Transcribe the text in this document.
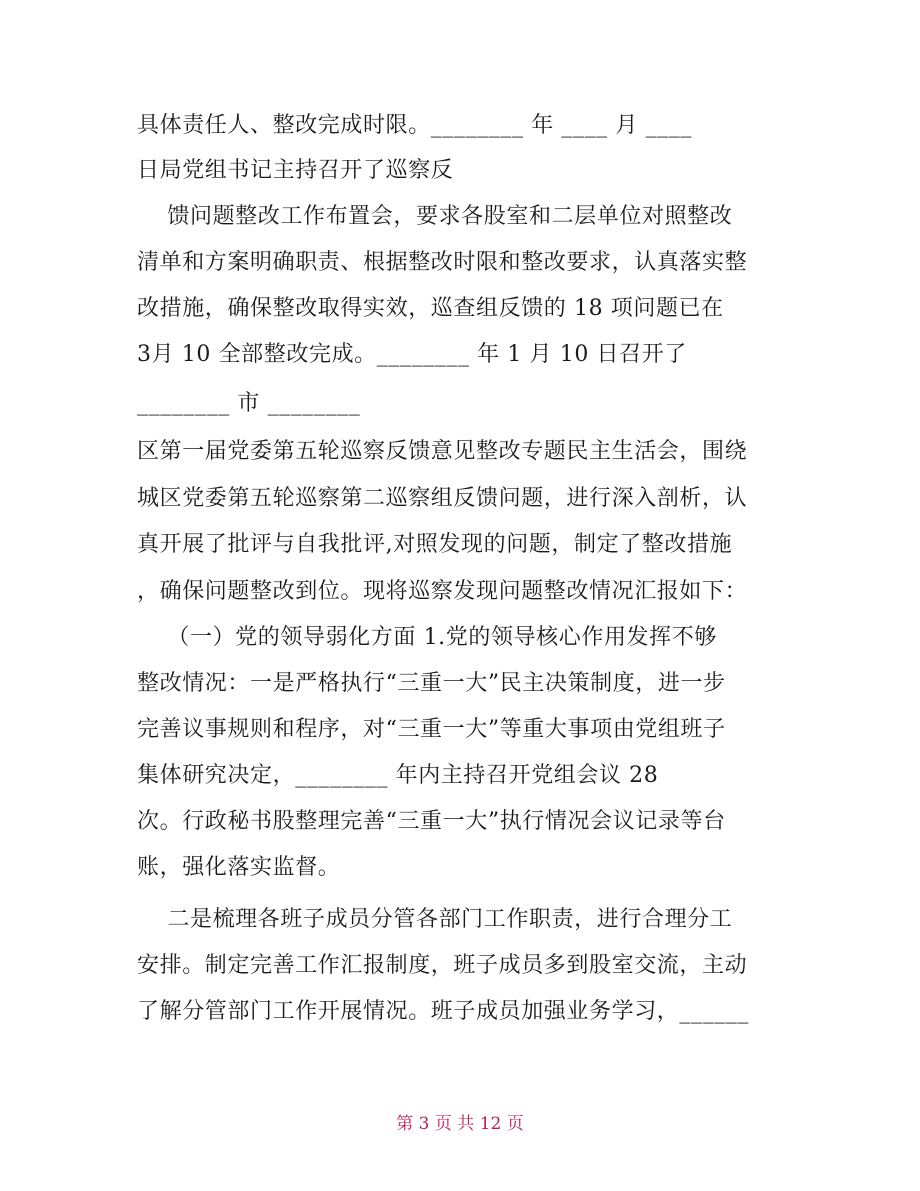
具体责任人、整改完成时限。________ 年 ____ 月 ____
日局党组书记主持召开了巡察反
馈问题整改工作布置会，要求各股室和二层单位对照整改
清单和方案明确职责、根据整改时限和整改要求，认真落实整
改措施，确保整改取得实效，巡查组反馈的 18 项问题已在
3月 10 全部整改完成。________ 年 1 月 10 日召开了
________ 市 ________
区第一届党委第五轮巡察反馈意见整改专题民主生活会，围绕
城区党委第五轮巡察第二巡察组反馈问题，进行深入剖析，认
真开展了批评与自我批评,对照发现的问题，制定了整改措施
，确保问题整改到位。现将巡察发现问题整改情况汇报如下：
（一）党的领导弱化方面 1.党的领导核心作用发挥不够
整改情况：一是严格执行“三重一大”民主决策制度，进一步
完善议事规则和程序，对“三重一大”等重大事项由党组班子
集体研究决定，________ 年内主持召开党组会议 28
次。行政秘书股整理完善“三重一大”执行情况会议记录等台
账，强化落实监督。
二是梳理各班子成员分管各部门工作职责，进行合理分工
安排。制定完善工作汇报制度，班子成员多到股室交流，主动
了解分管部门工作开展情况。班子成员加强业务学习，______
第 3 页 共 12 页
